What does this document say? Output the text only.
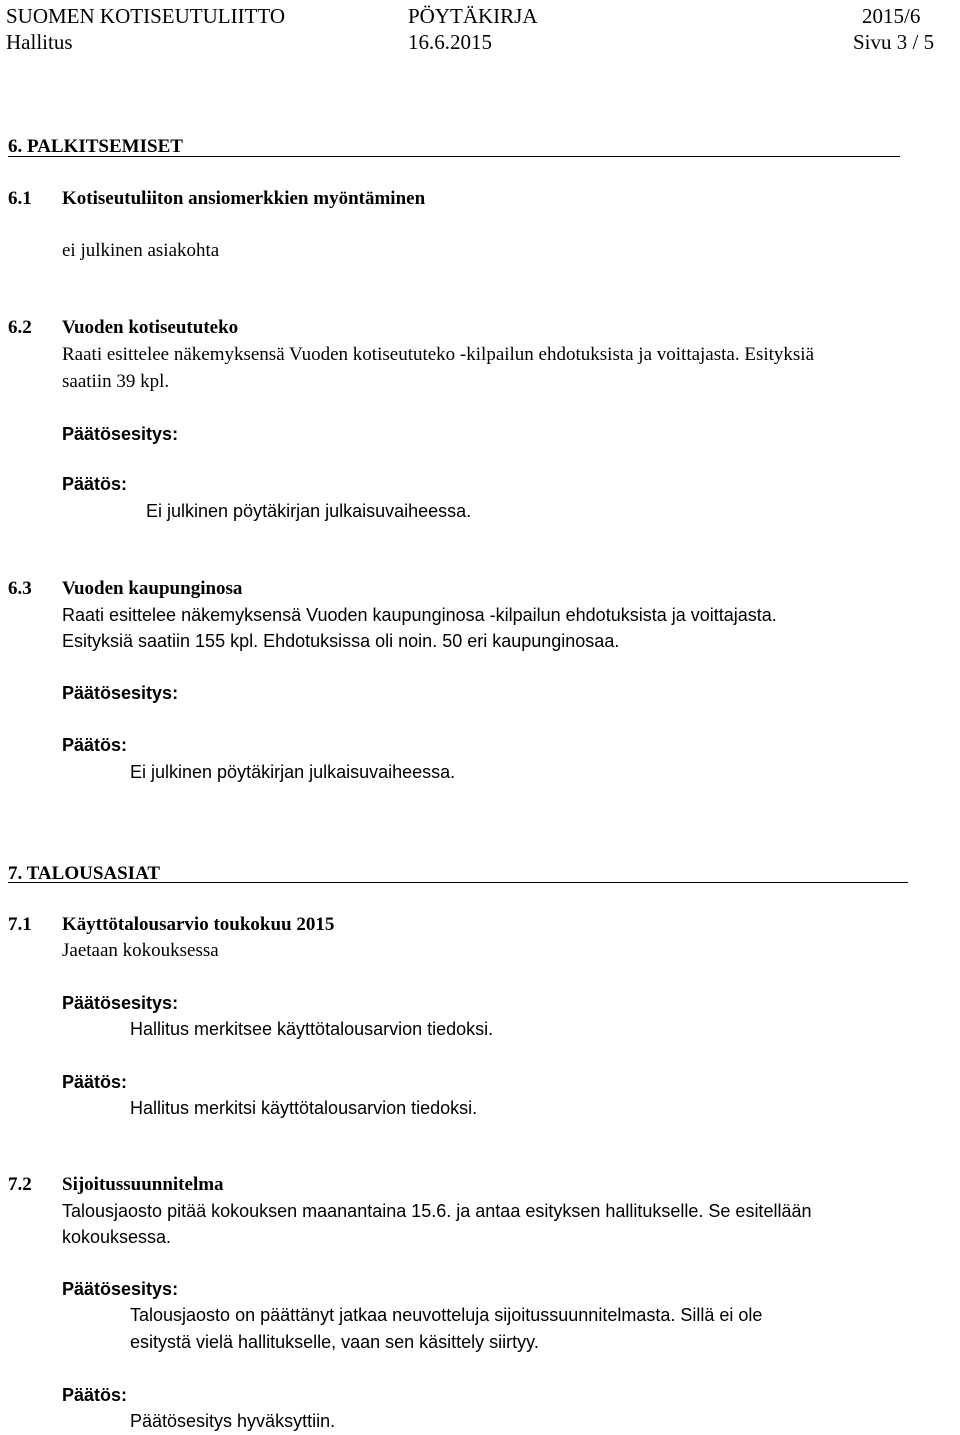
SUOMEN KOTISEUTULIITTO	PÖYTÄKIRJA	2015/6
Hallitus	16.6.2015	Sivu 3 / 5
6. PALKITSEMISET
6.1 Kotiseutuliiton ansiomerkkien myöntäminen
ei julkinen asiakohta
6.2 Vuoden kotiseututeko
Raati esittelee näkemyksensä Vuoden kotiseututeko -kilpailun ehdotuksista ja voittajasta. Esityksiä
saatiin 39 kpl.
Päätösesitys:
Päätös:
Ei julkinen pöytäkirjan julkaisuvaiheessa.
6.3 Vuoden kaupunginosa
Raati esittelee näkemyksensä Vuoden kaupunginosa -kilpailun ehdotuksista ja voittajasta.
Esityksiä saatiin 155 kpl. Ehdotuksissa oli noin. 50 eri kaupunginosaa.
Päätösesitys:
Päätös:
Ei julkinen pöytäkirjan julkaisuvaiheessa.
7. TALOUSASIAT
7.1 Käyttötalousarvio toukokuu 2015
Jaetaan kokouksessa
Päätösesitys:
Hallitus merkitsee käyttötalousarvion tiedoksi.
Päätös:
Hallitus merkitsi käyttötalousarvion tiedoksi.
7.2 Sijoitussuunnitelma
Talousjaosto pitää kokouksen maanantaina 15.6. ja antaa esityksen hallitukselle. Se esitellään
kokouksessa.
Päätösesitys:
Talousjaosto on päättänyt jatkaa neuvotteluja sijoitussuunnitelmasta. Sillä ei ole
esitystä vielä hallitukselle, vaan sen käsittely siirtyy.
Päätös:
Päätösesitys hyväksyttiin.
